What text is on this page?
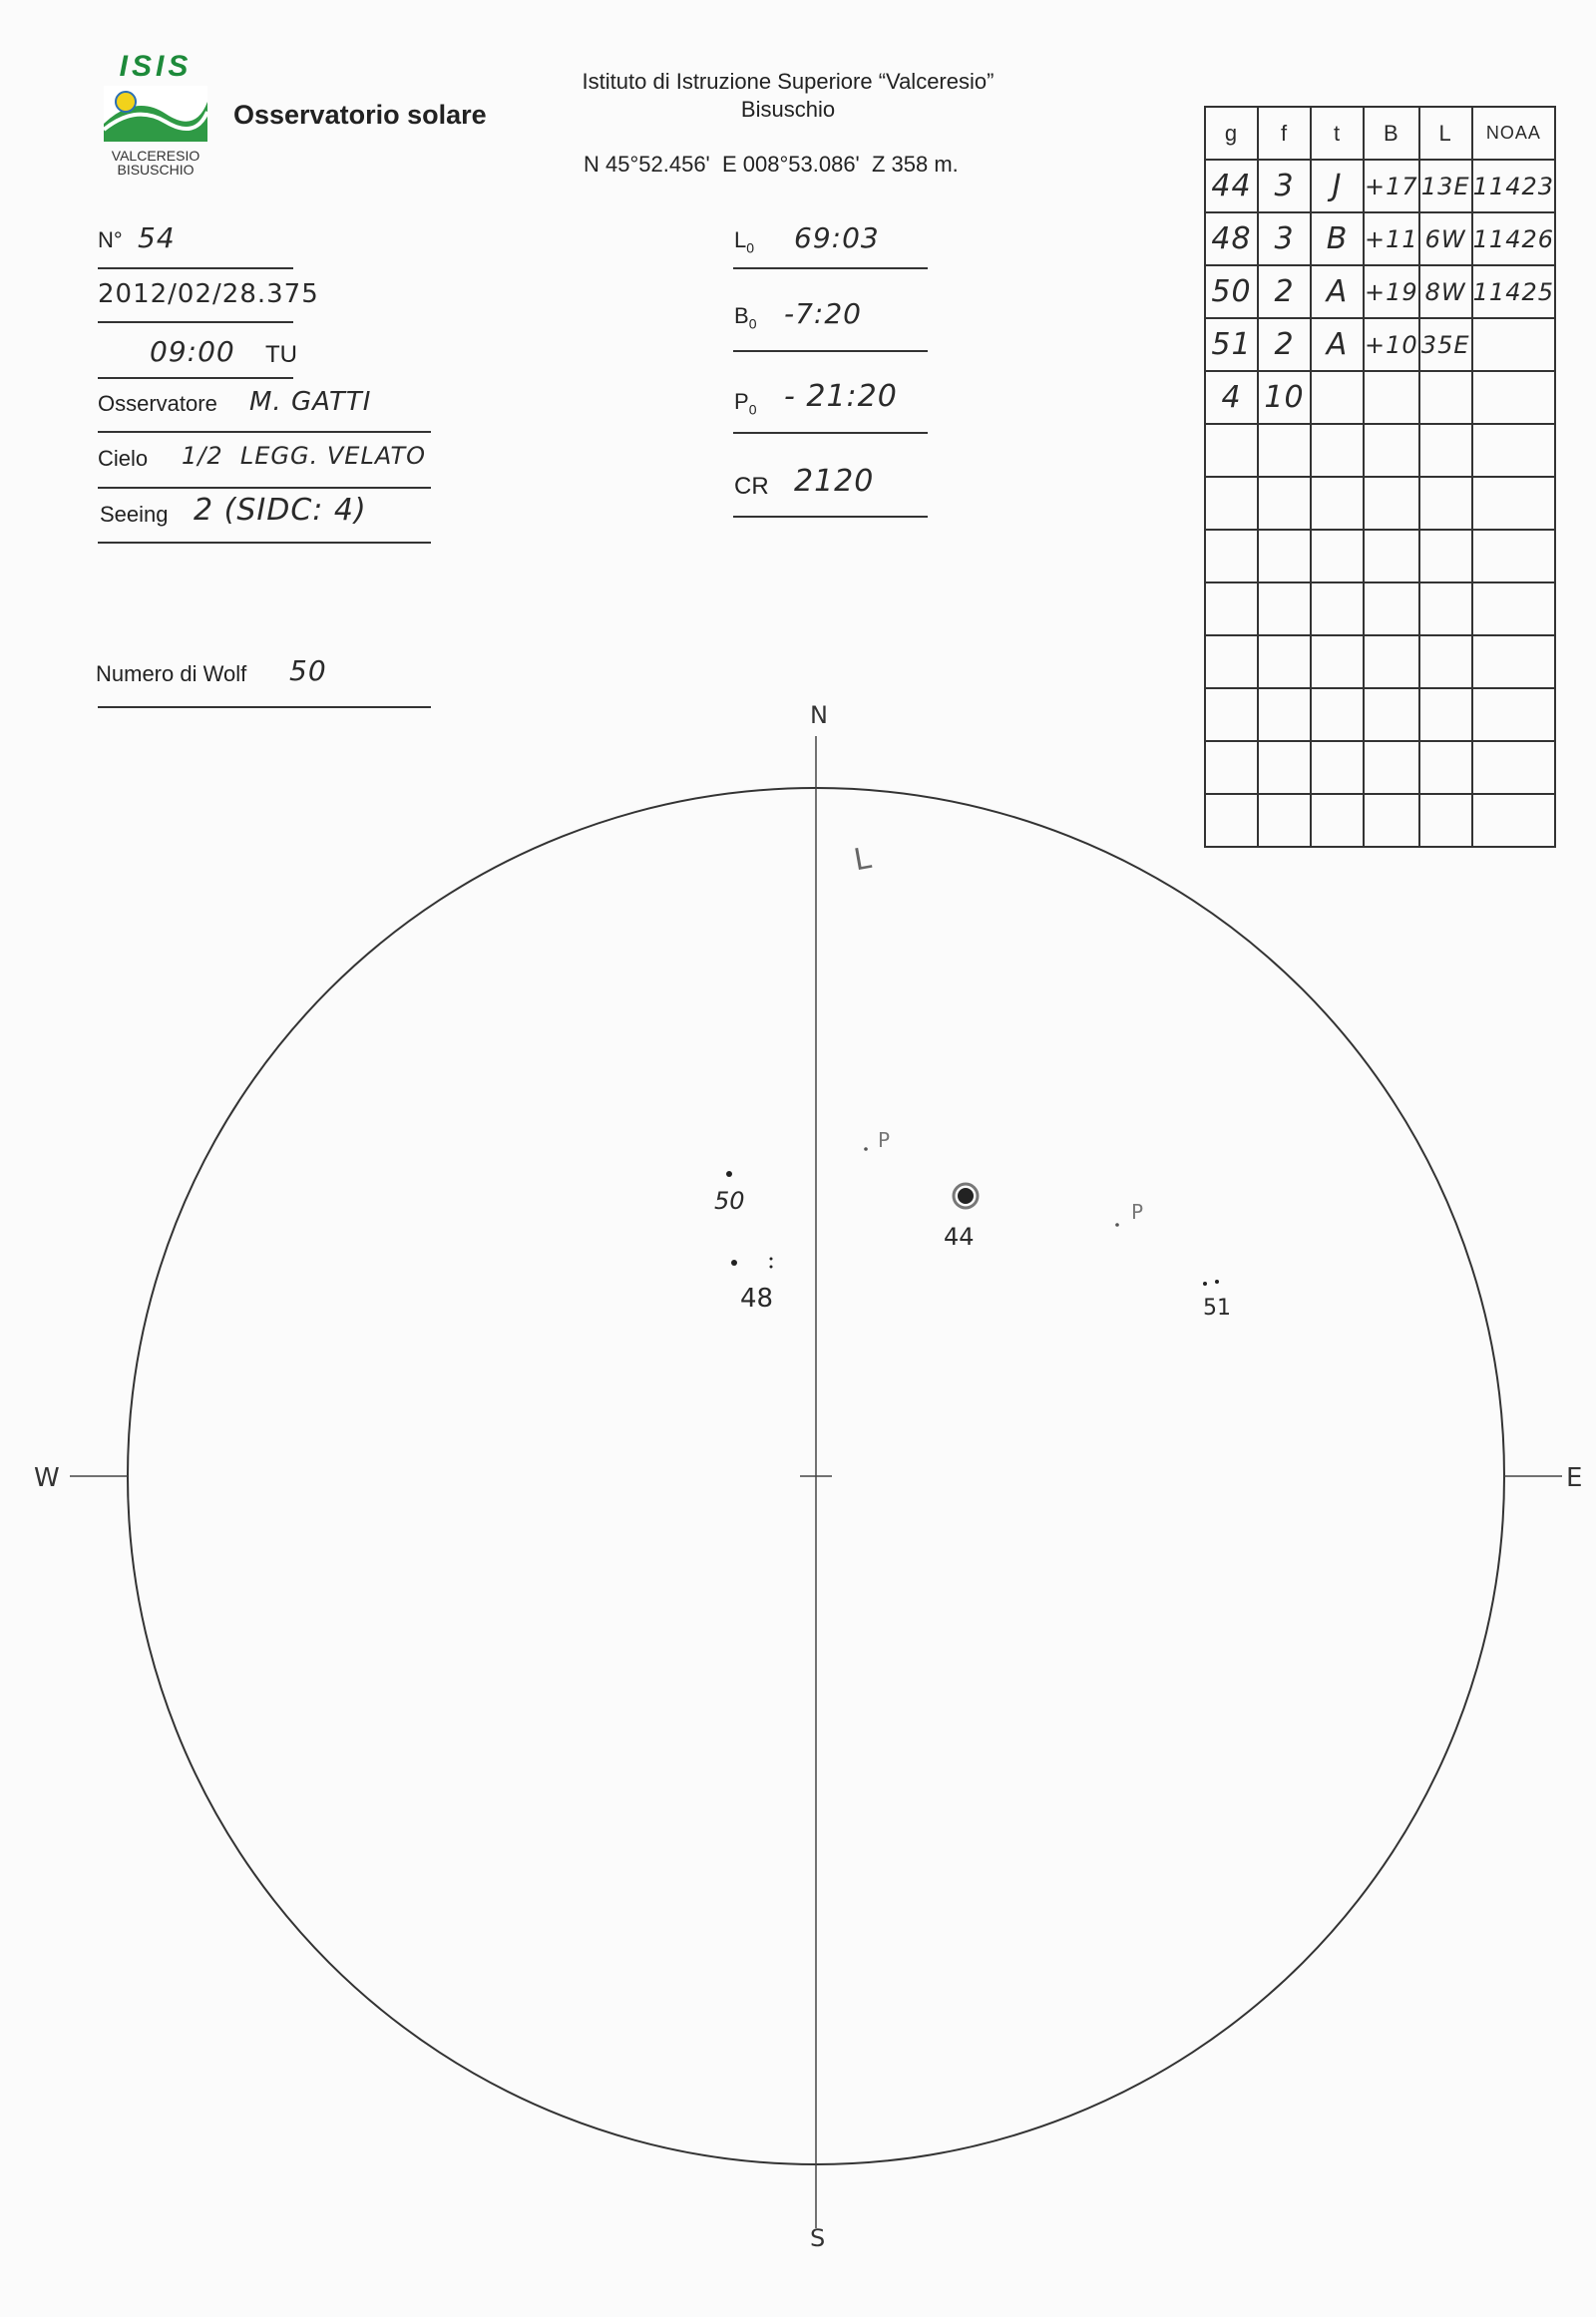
ISIS
VALCERESIO
BISUSCHIO
Osservatorio solare
Istituto di Istruzione Superiore “Valceresio”
Bisuschio
N 45°52.456'  E 008°53.086'  Z 358 m.
N° 54
2012/02/28.375
09:00 TU
Osservatore M. GATTI
Cielo 1/2  LEGG. VELATO
Seeing 2 (SIDC: 4)
Numero di Wolf 50
$L_0$ 69:03
$B_0$ -7:20
$P_0$ - 21:20
CR 2120
g	f	t	B	L	NOAA
44	3	J	+17	13E	11423
48	3	B	+11	6W	11426
50	2	A	+19	8W	11425
51	2	A	+10	35E	
4	10				

N
S
W	E
L
50
44
48	51
P
P
